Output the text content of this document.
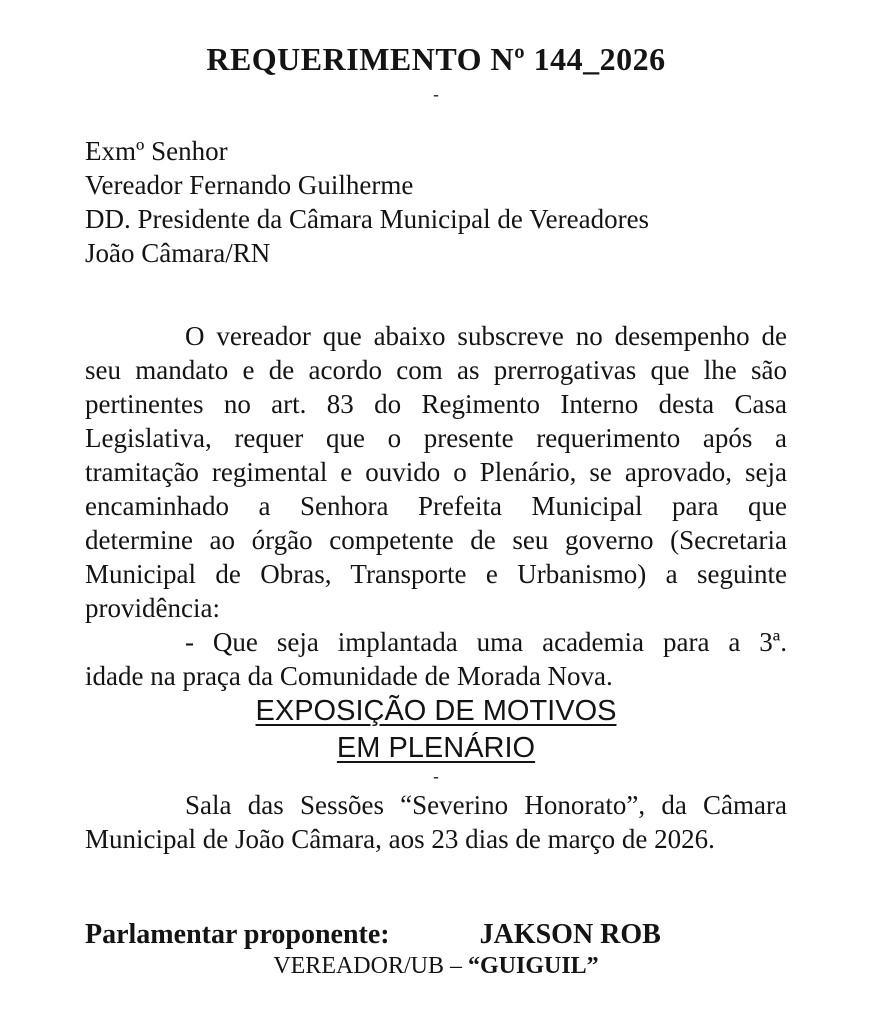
REQUERIMENTO Nº 144_2026
-
Exmº Senhor
Vereador Fernando Guilherme
DD. Presidente da Câmara Municipal de Vereadores
João Câmara/RN
O vereador que abaixo subscreve no desempenho de
seu mandato e de acordo com as prerrogativas que lhe são
pertinentes no art. 83 do Regimento Interno desta Casa
Legislativa, requer que o presente requerimento após a
tramitação regimental e ouvido o Plenário, se aprovado, seja
encaminhado a Senhora Prefeita Municipal para que
determine ao órgão competente de seu governo (Secretaria
Municipal de Obras, Transporte e Urbanismo) a seguinte
providência:
- Que seja implantada uma academia para a 3ª.
idade na praça da Comunidade de Morada Nova.
EXPOSIÇÃO DE MOTIVOS
EM PLENÁRIO
-
Sala das Sessões “Severino Honorato”, da Câmara
Municipal de João Câmara, aos 23 dias de março de 2026.
Parlamentar proponente:	JAKSON ROB
VEREADOR/UB – “GUIGUIL”
